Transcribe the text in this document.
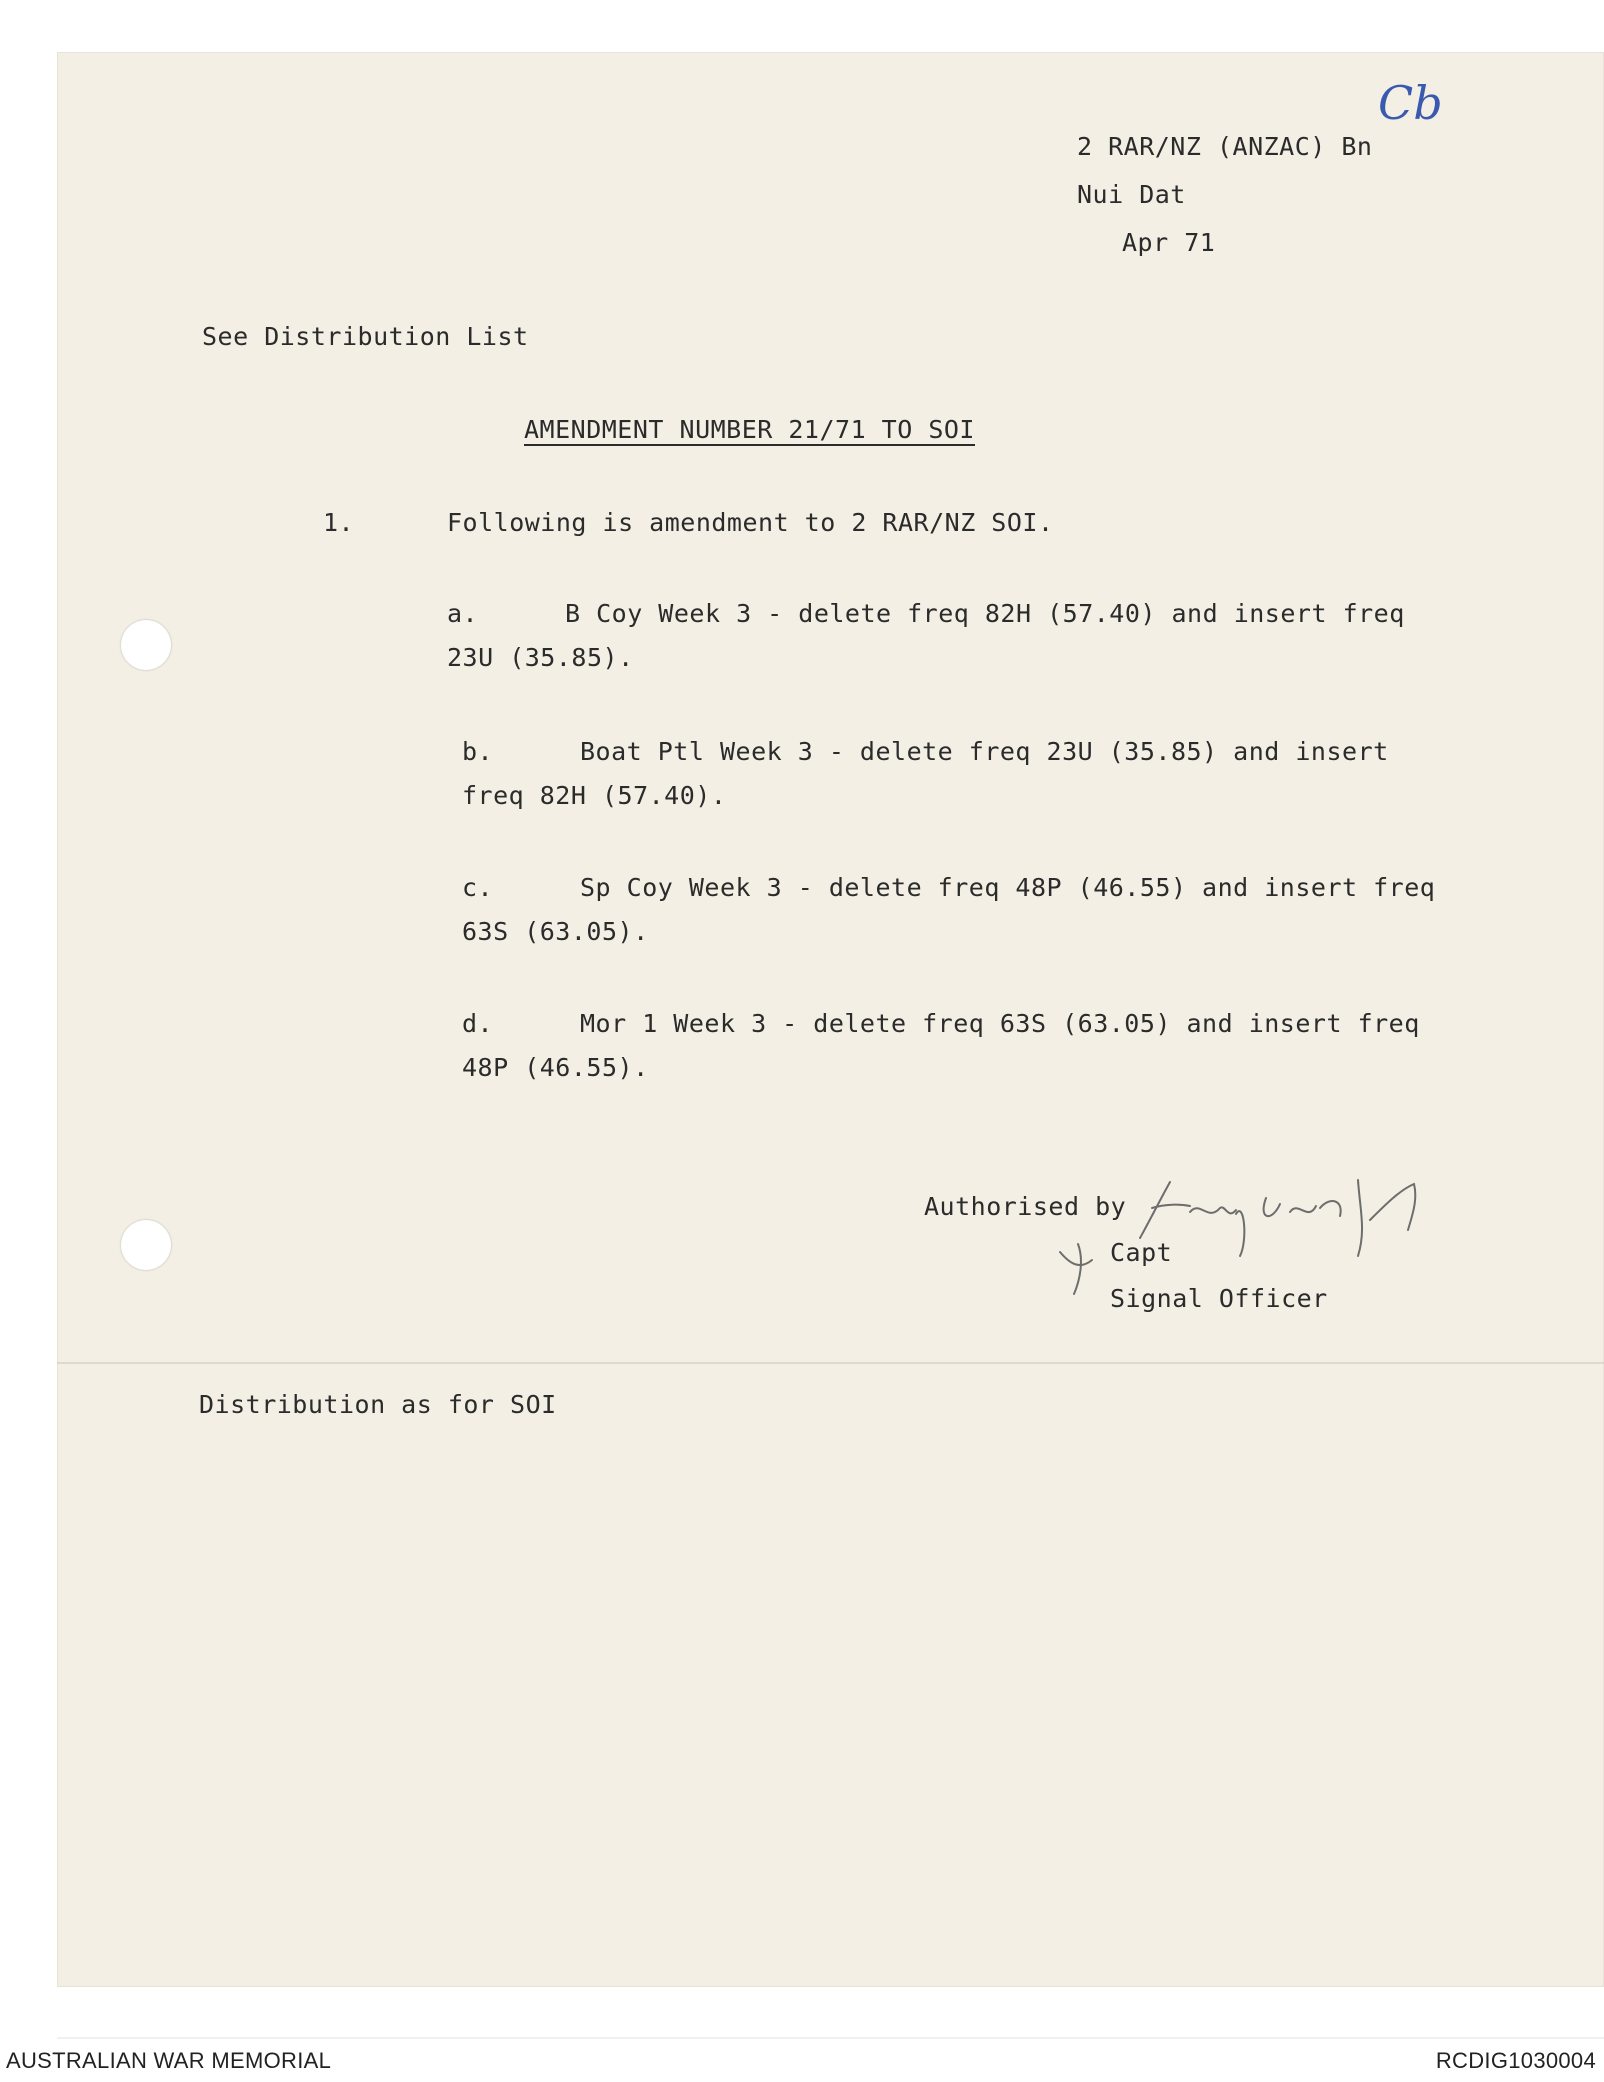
Cb
2 RAR/NZ (ANZAC) Bn
Nui Dat
Apr 71
See Distribution List
AMENDMENT NUMBER 21/71 TO SOI
1.	Following is amendment to 2 RAR/NZ SOI.
a.	B Coy Week 3 - delete freq 82H (57.40) and insert freq
23U (35.85).
b.	Boat Ptl Week 3 - delete freq 23U (35.85) and insert
freq 82H (57.40).
c.	Sp Coy Week 3 - delete freq 48P (46.55) and insert freq
63S (63.05).
d.	Mor 1 Week 3 - delete freq 63S (63.05) and insert freq
48P (46.55).
Authorised by
Capt
Signal Officer
Distribution as for SOI
AUSTRALIAN WAR MEMORIAL	RCDIG1030004
